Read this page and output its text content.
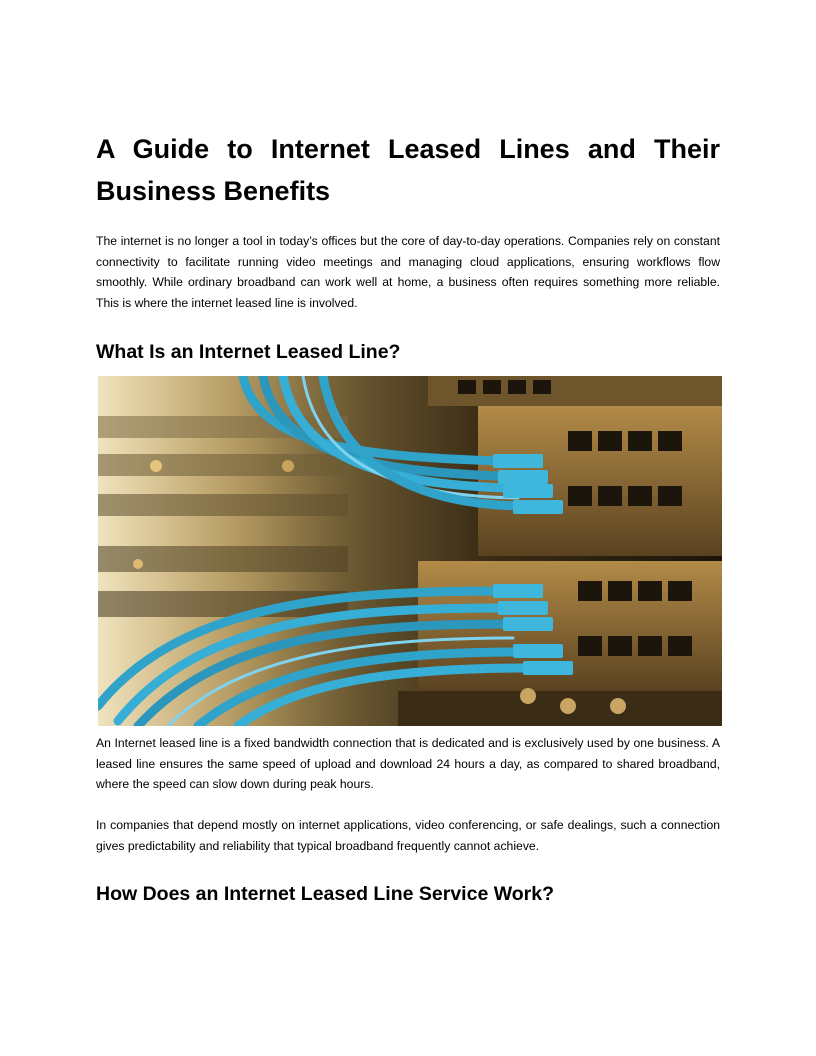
A Guide to Internet Leased Lines and Their Business Benefits

The internet is no longer a tool in today’s offices but the core of day-to-day operations. Companies rely on constant connectivity to facilitate running video meetings and managing cloud applications, ensuring workflows flow smoothly. While ordinary broadband can work well at home, a business often requires something more reliable. This is where the internet leased line is involved.

What Is an Internet Leased Line?

An Internet leased line is a fixed bandwidth connection that is dedicated and is exclusively used by one business. A leased line ensures the same speed of upload and download 24 hours a day, as compared to shared broadband, where the speed can slow down during peak hours.

In companies that depend mostly on internet applications, video conferencing, or safe dealings, such a connection gives predictability and reliability that typical broadband frequently cannot achieve.

How Does an Internet Leased Line Service Work?
